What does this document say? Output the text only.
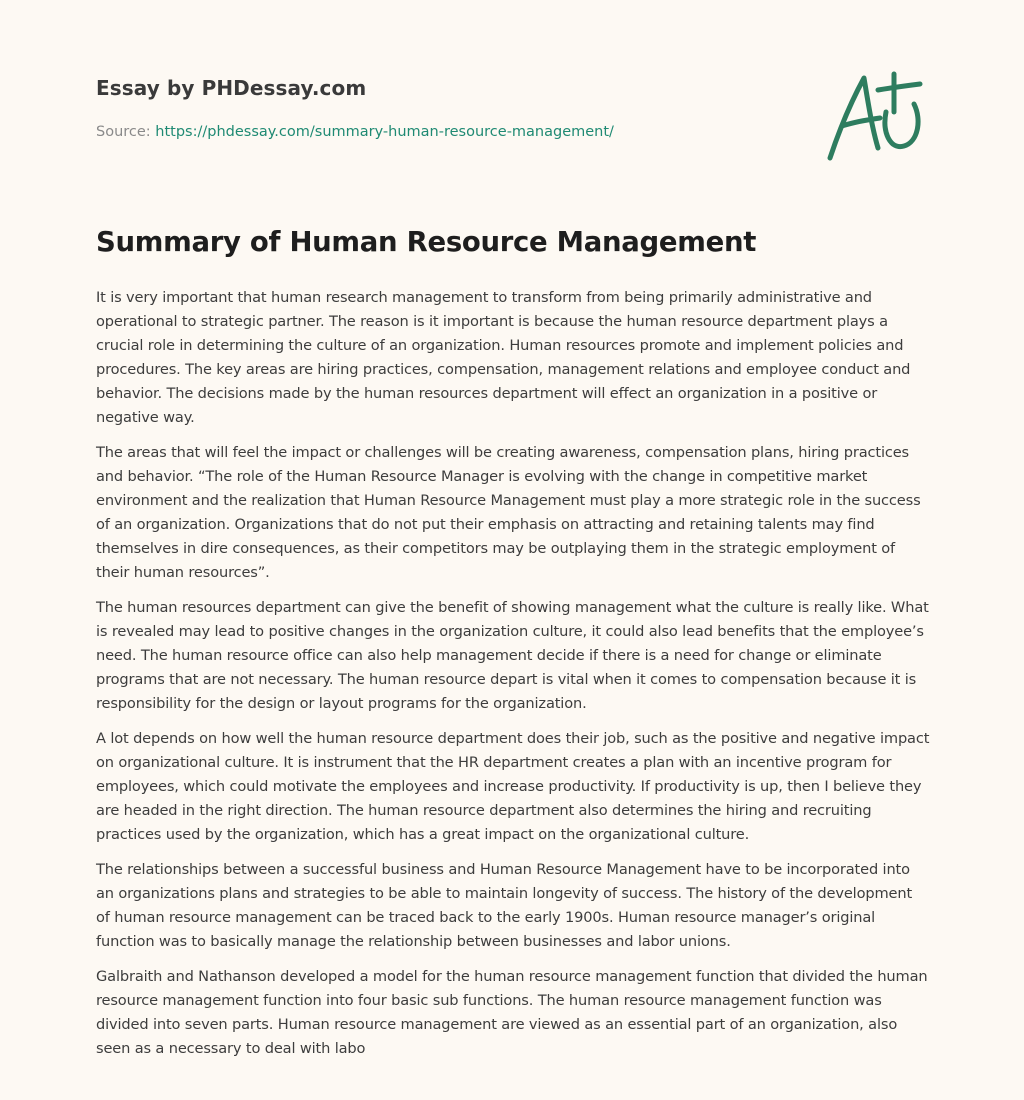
Essay by PHDessay.com
Source: https://phdessay.com/summary-human-resource-management/
Summary of Human Resource Management

It is very important that human research management to transform from being primarily administrative and operational to strategic partner. The reason is it important is because the human resource department plays a crucial role in determining the culture of an organization. Human resources promote and implement policies and procedures. The key areas are hiring practices, compensation, management relations and employee conduct and behavior. The decisions made by the human resources department will effect an organization in a positive or negative way.

The areas that will feel the impact or challenges will be creating awareness, compensation plans, hiring practices and behavior. “The role of the Human Resource Manager is evolving with the change in competitive market environment and the realization that Human Resource Management must play a more strategic role in the success of an organization. Organizations that do not put their emphasis on attracting and retaining talents may find themselves in dire consequences, as their competitors may be outplaying them in the strategic employment of their human resources”.

The human resources department can give the benefit of showing management what the culture is really like. What is revealed may lead to positive changes in the organization culture, it could also lead benefits that the employee’s need. The human resource office can also help management decide if there is a need for change or eliminate programs that are not necessary. The human resource depart is vital when it comes to compensation because it is responsibility for the design or layout programs for the organization.

A lot depends on how well the human resource department does their job, such as the positive and negative impact on organizational culture. It is instrument that the HR department creates a plan with an incentive program for employees, which could motivate the employees and increase productivity. If productivity is up, then I believe they are headed in the right direction. The human resource department also determines the hiring and recruiting practices used by the organization, which has a great impact on the organizational culture.

The relationships between a successful business and Human Resource Management have to be incorporated into an organizations plans and strategies to be able to maintain longevity of success. The history of the development of human resource management can be traced back to the early 1900s. Human resource manager’s original function was to basically manage the relationship between businesses and labor unions.

Galbraith and Nathanson developed a model for the human resource management function that divided the human resource management function into four basic sub functions. The human resource management function was divided into seven parts. Human resource management are viewed as an essential part of an organization, also seen as a necessary to deal with labo
